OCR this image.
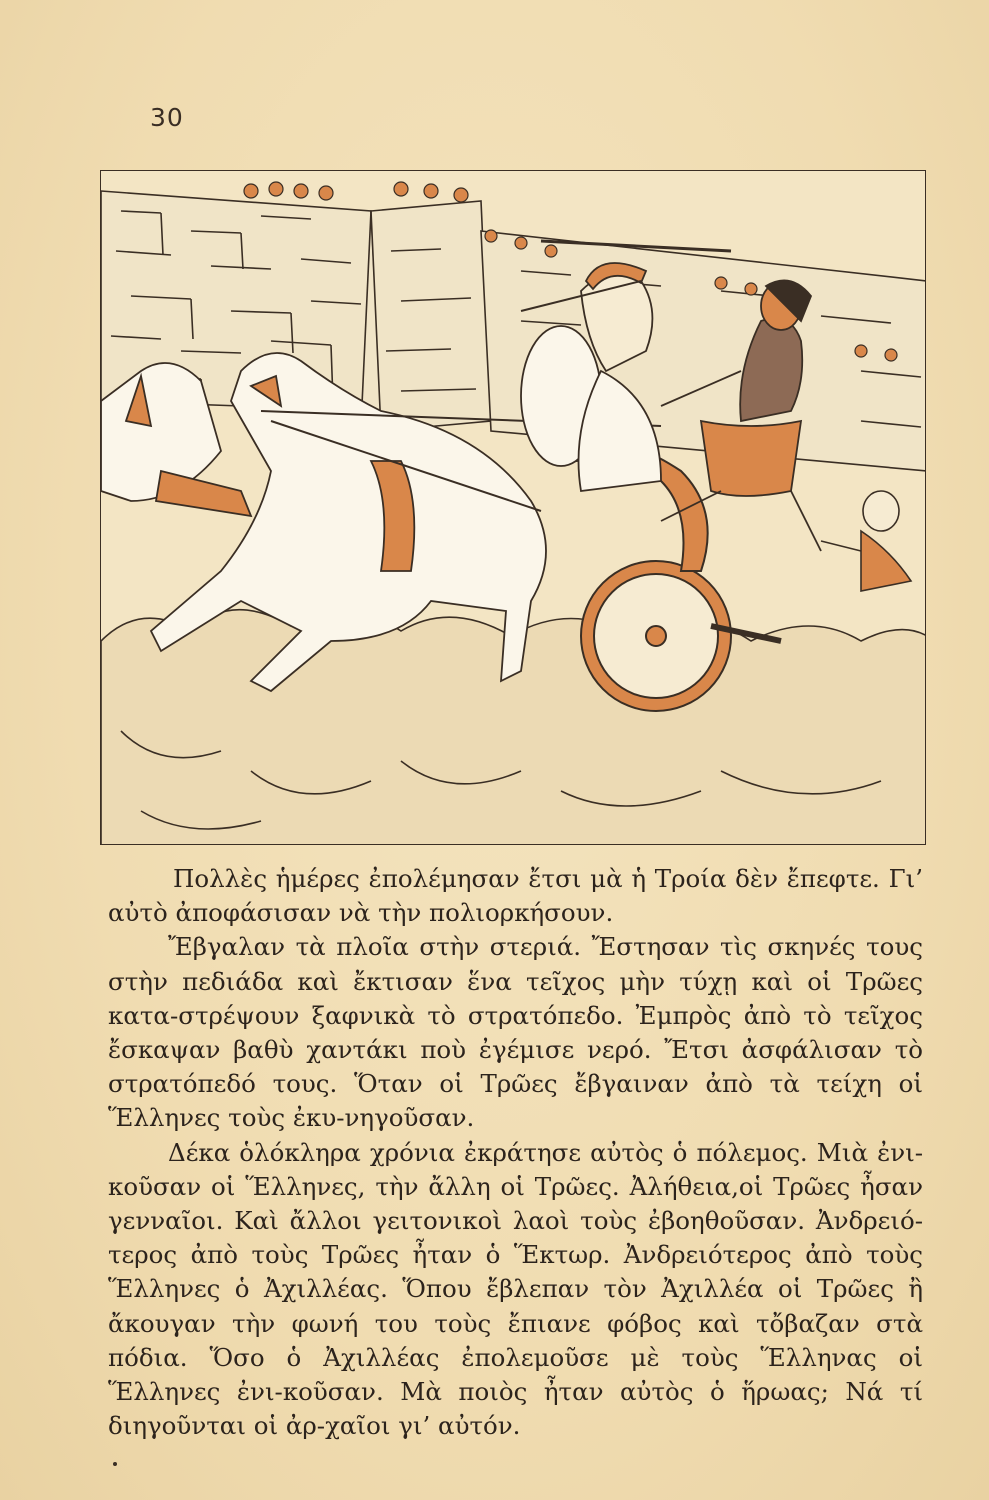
30

Πολλὲς ἡμέρες ἐπολέμησαν ἔτσι μὰ ἡ Τροία δὲν ἔπεφτε. Γι’ αὐτὸ ἀποφάσισαν νὰ τὴν πολιορκήσουν.

Ἔβγαλαν τὰ πλοῖα στὴν στεριά. Ἔστησαν τὶς σκηνές τους στὴν πεδιάδα καὶ ἔκτισαν ἕνα τεῖχος μὴν τύχῃ καὶ οἱ Τρῶες κατα-στρέψουν ξαφνικὰ τὸ στρατόπεδο. Ἐμπρὸς ἀπὸ τὸ τεῖχος ἔσκαψαν βαθὺ χαντάκι ποὺ ἐγέμισε νερό. Ἔτσι ἀσφάλισαν τὸ στρατόπεδό τους. Ὅταν οἱ Τρῶες ἔβγαιναν ἀπὸ τὰ τείχη οἱ Ἕλληνες τοὺς ἐκυ-νηγοῦσαν.

Δέκα ὁλόκληρα χρόνια ἐκράτησε αὐτὸς ὁ πόλεμος. Μιὰ ἐνι-κοῦσαν οἱ Ἕλληνες, τὴν ἄλλη οἱ Τρῶες. Ἀλήθεια,οἱ Τρῶες ἦσαν γενναῖοι. Καὶ ἄλλοι γειτονικοὶ λαοὶ τοὺς ἐβοηθοῦσαν. Ἀνδρειό-τερος ἀπὸ τοὺς Τρῶες ἦταν ὁ Ἕκτωρ. Ἀνδρειότερος ἀπὸ τοὺς Ἕλληνες ὁ Ἀχιλλέας. Ὅπου ἔβλεπαν τὸν Ἀχιλλέα οἱ Τρῶες ἢ ἄκουγαν τὴν φωνή του τοὺς ἔπιανε φόβος καὶ τὄβαζαν στὰ πόδια. Ὅσο ὁ Ἀχιλλέας ἐπολεμοῦσε μὲ τοὺς Ἕλληνας οἱ Ἕλληνες ἐνι-κοῦσαν. Μὰ ποιὸς ἦταν αὐτὸς ὁ ἥρωας; Νά τί διηγοῦνται οἱ ἀρ-χαῖοι γι’ αὐτόν.
